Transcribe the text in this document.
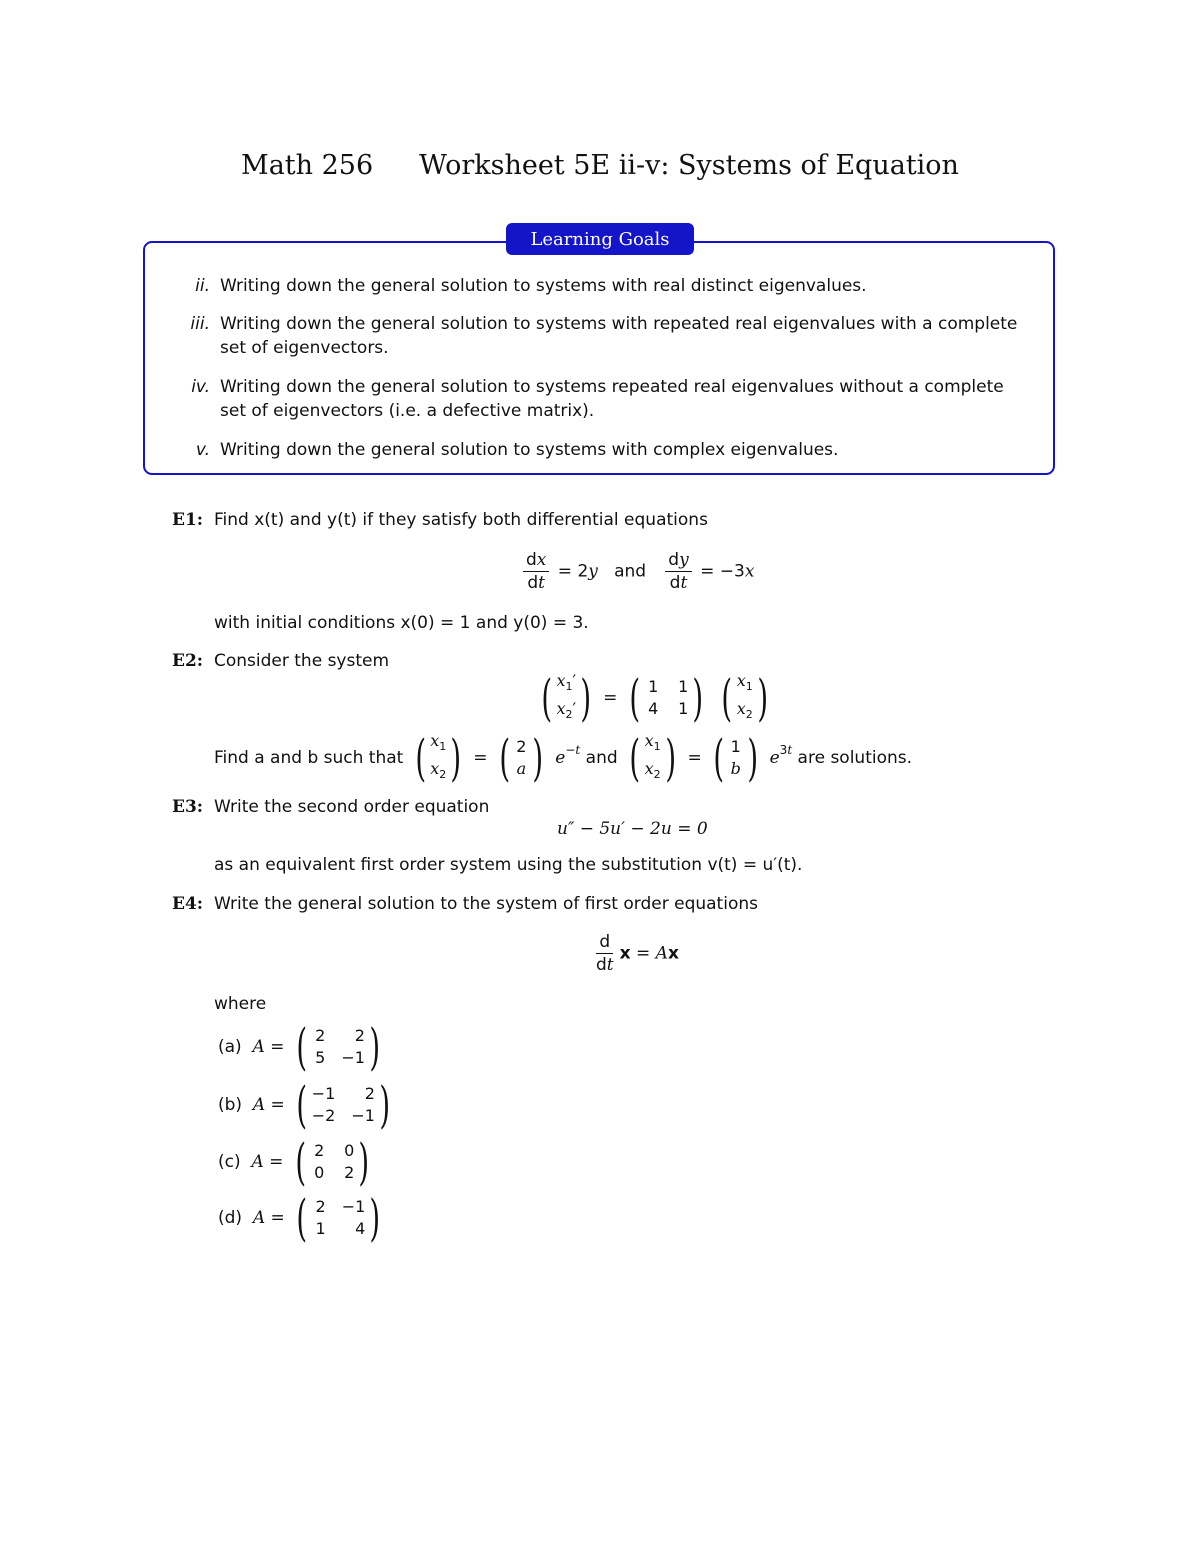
Math 256 Worksheet 5E ii-v: Systems of Equation
Learning Goals
ii. Writing down the general solution to systems with real distinct eigenvalues.
iii. Writing down the general solution to systems with repeated real eigenvalues with a complete set of eigenvectors.
iv. Writing down the general solution to systems repeated real eigenvalues without a complete set of eigenvectors (i.e. a defective matrix).
v. Writing down the general solution to systems with complex eigenvalues.
E1: Find x(t) and y(t) if they satisfy both differential equations
$\frac{dx}{dt} = 2y$ and $\frac{dy}{dt} = -3x$
with initial conditions x(0) = 1 and y(0) = 3.
E2: Consider the system
( $x_1'$
$x_2'$ ) = ( 1 1
4 1 )
( $x_1$
$x_2$ )
Find a and b such that ( $x_1$
$x_2$ ) = ( 2
a ) $e^{-t}$ and ( $x_1$
$x_2$ ) = ( 1
b ) $e^{3t}$ are solutions.
E3: Write the second order equation
u″ − 5u′ − 2u = 0
as an equivalent first order system using the substitution v(t) = u′(t).
E4: Write the general solution to the system of first order equations
$\frac{d}{dt}$ x = Ax
where
(a) A = ( 2 2
5 −1 )
(b) A = ( −1 2
−2 −1 )
(c) A = ( 2 0
0 2 )
(d) A = ( 2 −1
1 4 )
